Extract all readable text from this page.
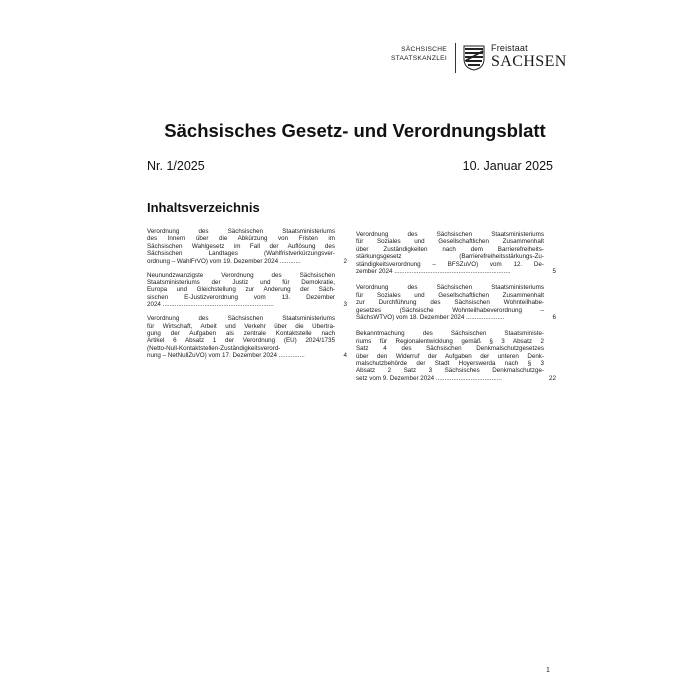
SÄCHSISCHE
STAATSKANZLEI
Freistaat
SACHSEN
Sächsisches Gesetz- und Verordnungsblatt
Nr. 1/2025	10. Januar 2025
Inhaltsverzeichnis
Verordnung des Sächsischen Staatsministeriums
des Innern über die Abkürzung von Fristen im
Sächsischen Wahlgesetz im Fall der Auflösung des
Sächsischen Landtages (Wahlfristverkürzungsver-
ordnung – WahlFrVO) vom 19. Dezember 2024 ............	2
Neunundzwanzigste Verordnung des Sächsischen
Staatsministeriums der Justiz und für Demokratie,
Europa und Gleichstellung zur Änderung der Säch-
sischen E-Justizverordnung vom 13. Dezember
2024 ................................................................	3
Verordnung des Sächsischen Staatsministeriums
für Wirtschaft, Arbeit und Verkehr über die Übertra-
gung der Aufgaben als zentrale Kontaktstelle nach
Artikel 6 Absatz 1 der Verordnung (EU) 2024/1735
(Netto-Null-Kontaktstellen-Zuständigkeitsverord-
nung – NetNullZuVO) vom 17. Dezember 2024 ...............	4
Verordnung des Sächsischen Staatsministeriums
für Soziales und Gesellschaftlichen Zusammenhalt
über Zuständigkeiten nach dem Barrierefreiheits-
stärkungsgesetz (Barrierefreiheitsstärkungs-Zu-
ständigkeitsverordnung – BFSZuVO) vom 12. De-
zember 2024 ...................................................................	5
Verordnung des Sächsischen Staatsministeriums
für Soziales und Gesellschaftlichen Zusammenhalt
zur Durchführung des Sächsischen Wohnteilhabe-
gesetzes (Sächsische Wohnteilhabeverordnung –
SächsWTVO) vom 18. Dezember 2024 ......................	6
Bekanntmachung des Sächsischen Staatsministe-
riums für Regionalentwicklung gemäß § 3 Absatz 2
Satz 4 des Sächsischen Denkmalschutzgesetzes
über den Widerruf der Aufgaben der unteren Denk-
malschutzbehörde der Stadt Hoyerswerda nach § 3
Absatz 2 Satz 3 Sächsisches Denkmalschutzge-
setz vom 9. Dezember 2024 ......................................	22
1
